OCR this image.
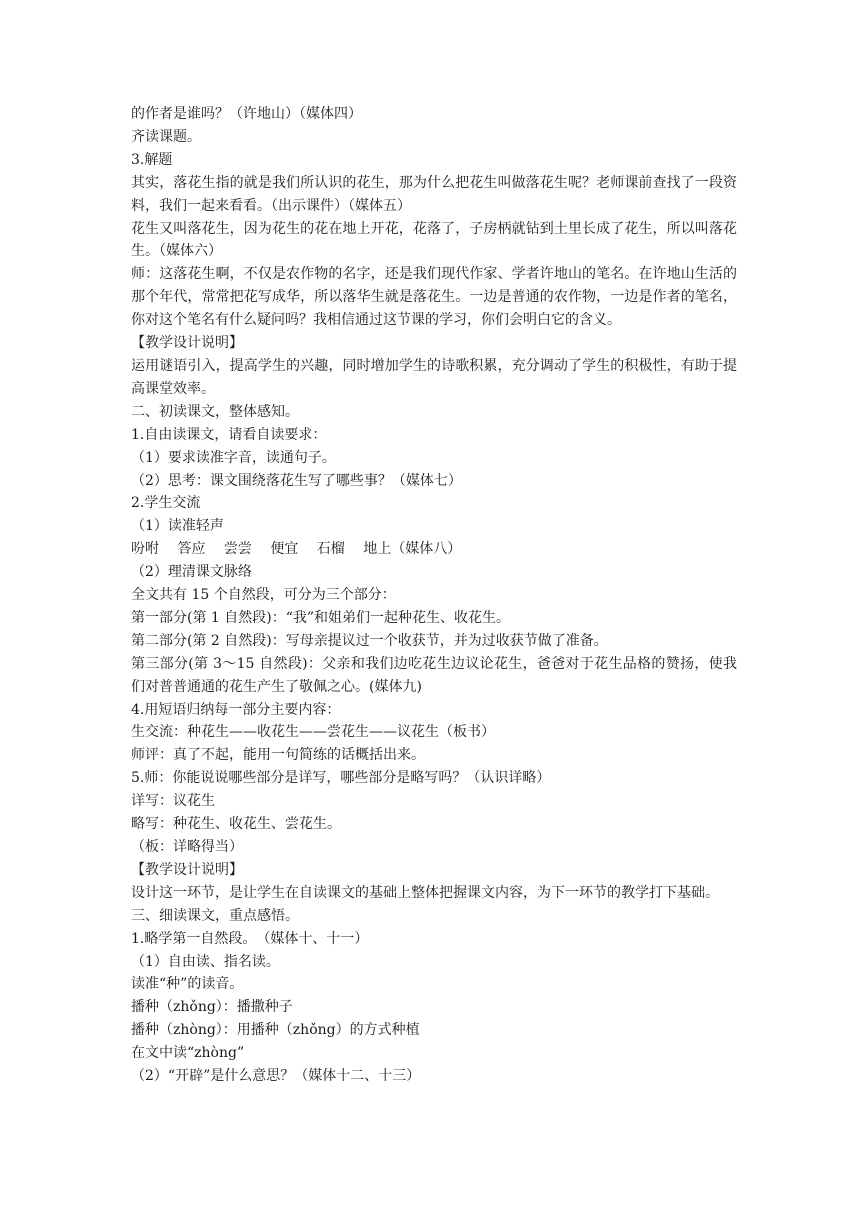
的作者是谁吗？（许地山）（媒体四）

齐读课题。

3.解题

其实，落花生指的就是我们所认识的花生，那为什么把花生叫做落花生呢？老师课前查找了一段资料，我们一起来看看。（出示课件）（媒体五）

花生又叫落花生，因为花生的花在地上开花，花落了，子房柄就钻到土里长成了花生，所以叫落花生。（媒体六）

师：这落花生啊，不仅是农作物的名字，还是我们现代作家、学者许地山的笔名。在许地山生活的那个年代，常常把花写成华，所以落华生就是落花生。一边是普通的农作物，一边是作者的笔名，你对这个笔名有什么疑问吗？我相信通过这节课的学习，你们会明白它的含义。

【教学设计说明】

运用谜语引入，提高学生的兴趣，同时增加学生的诗歌积累，充分调动了学生的积极性，有助于提高课堂效率。

二、初读课文，整体感知。

1.自由读课文，请看自读要求：

（1）要求读准字音，读通句子。

（2）思考：课文围绕落花生写了哪些事？（媒体七）

2.学生交流

（1）读准轻声

吩咐　 答应　 尝尝　 便宜　 石榴　 地上（媒体八）

（2）理清课文脉络

全文共有 15 个自然段，可分为三个部分：

第一部分(第 1 自然段)：“我”和姐弟们一起种花生、收花生。

第二部分(第 2 自然段)：写母亲提议过一个收获节，并为过收获节做了准备。

第三部分(第 3～15 自然段)：父亲和我们边吃花生边议论花生，爸爸对于花生品格的赞扬，使我们对普普通通的花生产生了敬佩之心。(媒体九)

4.用短语归纳每一部分主要内容：

生交流：种花生——收花生——尝花生——议花生（板书）

师评：真了不起，能用一句简练的话概括出来。

5.师：你能说说哪些部分是详写，哪些部分是略写吗？（认识详略）

详写：议花生

略写：种花生、收花生、尝花生。

（板：详略得当）

【教学设计说明】

设计这一环节，是让学生在自读课文的基础上整体把握课文内容，为下一环节的教学打下基础。

三、细读课文，重点感悟。

1.略学第一自然段。　（媒体十、十一）

（1）自由读、指名读。

读准“种”的读音。

播种（zhǒng）：播撒种子

播种（zhòng）：用播种（zhǒng）的方式种植

在文中读“zhòng”

（2）“开辟”是什么意思？（媒体十二、十三）
